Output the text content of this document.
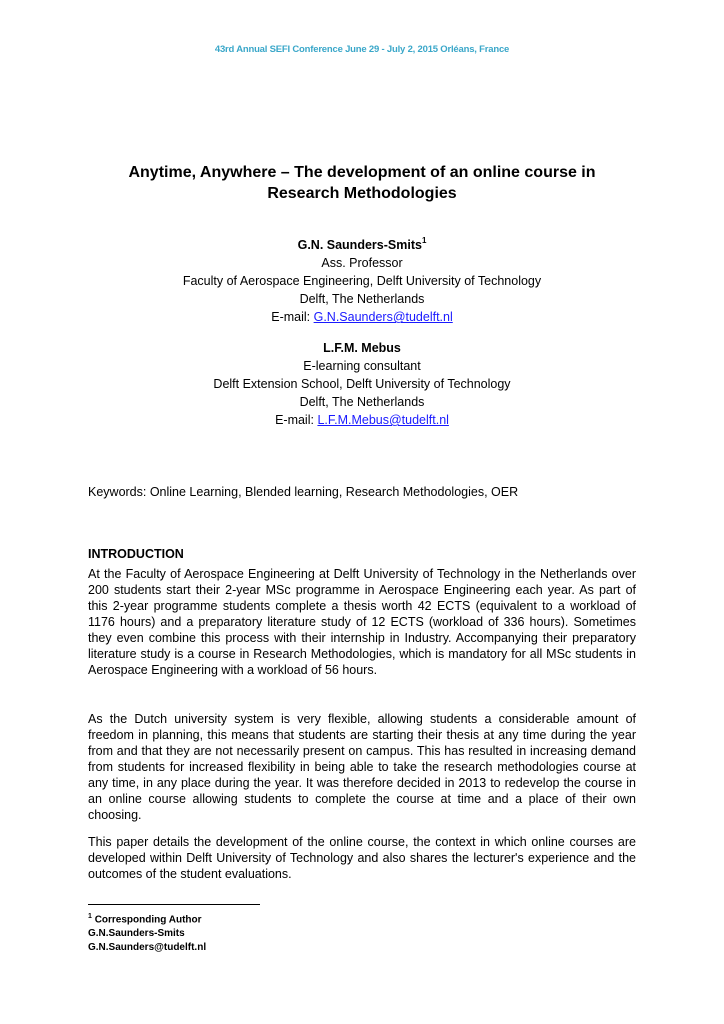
43rd Annual SEFI Conference June 29 - July 2, 2015 Orléans, France
Anytime, Anywhere – The development of an online course in
Research Methodologies
G.N. Saunders-Smits$^1$
Ass. Professor
Faculty of Aerospace Engineering, Delft University of Technology
Delft, The Netherlands
E-mail: G.N.Saunders@tudelft.nl
L.F.M. Mebus
E-learning consultant
Delft Extension School, Delft University of Technology
Delft, The Netherlands
E-mail: L.F.M.Mebus@tudelft.nl
Keywords: Online Learning, Blended learning, Research Methodologies, OER
INTRODUCTION

At the Faculty of Aerospace Engineering at Delft University of Technology in the Netherlands over 200 students start their 2-year MSc programme in Aerospace Engineering each year. As part of this 2-year programme students complete a thesis worth 42 ECTS (equivalent to a workload of 1176 hours) and a preparatory literature study of 12 ECTS (workload of 336 hours). Sometimes they even combine this process with their internship in Industry. Accompanying their preparatory literature study is a course in Research Methodologies, which is mandatory for all MSc students in Aerospace Engineering with a workload of 56 hours.

As the Dutch university system is very flexible, allowing students a considerable amount of freedom in planning, this means that students are starting their thesis at any time during the year from and that they are not necessarily present on campus. This has resulted in increasing demand from students for increased flexibility in being able to take the research methodologies course at any time, in any place during the year. It was therefore decided in 2013 to redevelop the course in an online course allowing students to complete the course at time and a place of their own choosing.

This paper details the development of the online course, the context in which online courses are developed within Delft University of Technology and also shares the lecturer's experience and the outcomes of the student evaluations.

$^1$ Corresponding Author
G.N.Saunders-Smits
G.N.Saunders@tudelft.nl
